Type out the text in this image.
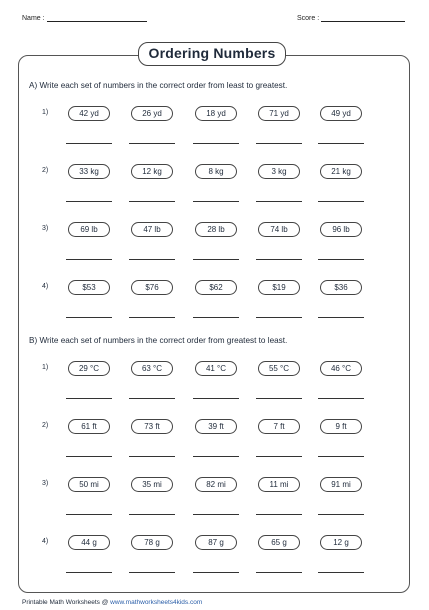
Name :	Score :
Ordering Numbers
A) Write each set of numbers in the correct order from least to greatest.
1)	42 yd	26 yd	18 yd	71 yd	49 yd
2)	33 kg	12 kg	8 kg	3 kg	21 kg
3)	69 lb	47 lb	28 lb	74 lb	96 lb
4)	$53	$76	$62	$19	$36
B) Write each set of numbers in the correct order from greatest to least.
1)	29 °C	63 °C	41 °C	55 °C	46 °C
2)	61 ft	73 ft	39 ft	7 ft	9 ft
3)	50 mi	35 mi	82 mi	11 mi	91 mi
4)	44 g	78 g	87 g	65 g	12 g
Printable Math Worksheets @ www.mathworksheets4kids.com
